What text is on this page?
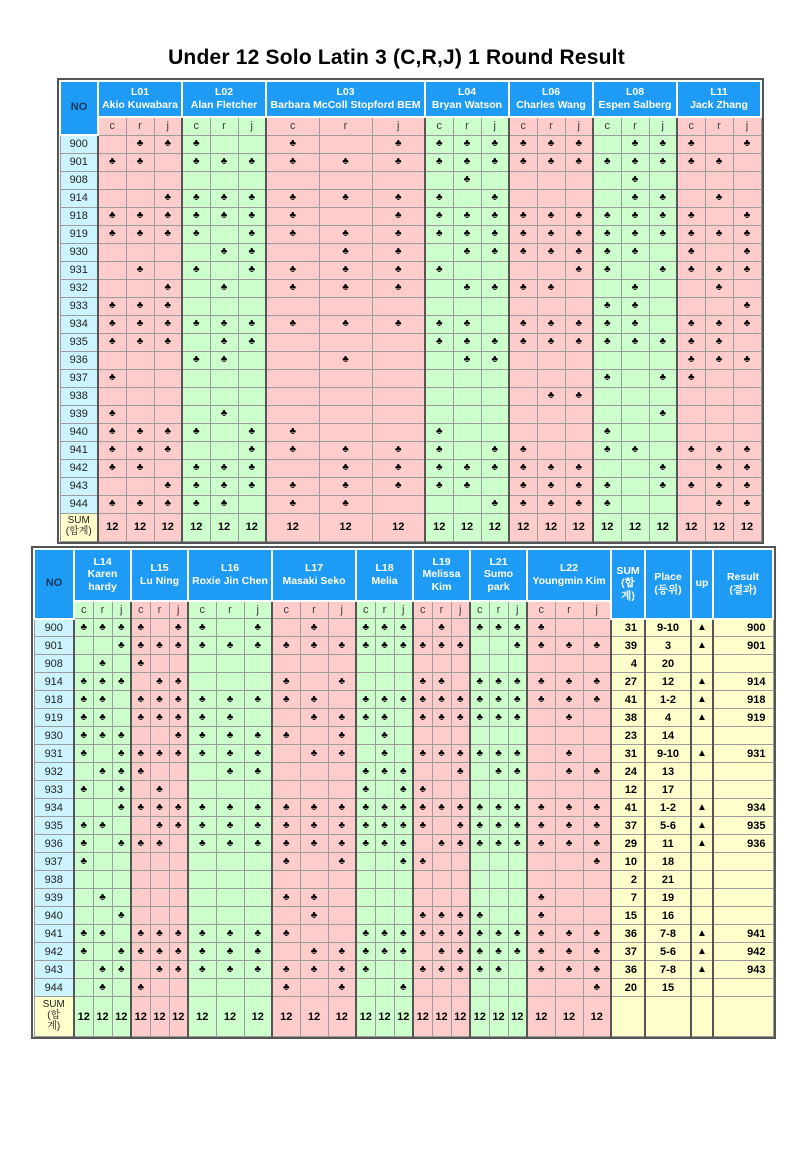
Under 12 Solo Latin 3 (C,R,J) 1 Round Result
NO	
L01
Akio Kuwabara

L02
Alan Fletcher

L03
Barbara McColl Stopford BEM

L04
Bryan Watson

L06
Charles Wang

L08
Espen Salberg

L11
Jack Zhang

	c	r	j	c	r	j	c	r	j	c	r	j	c	r	j	c	r	j	c	r	j
900		♣	♣	♣			♣		♣	♣	♣	♣	♣	♣	♣		♣	♣	♣		♣
901	♣	♣		♣	♣	♣	♣	♣	♣	♣	♣	♣	♣	♣	♣	♣	♣	♣	♣	♣	
908											♣						♣				
914			♣	♣	♣	♣	♣	♣	♣	♣		♣					♣	♣		♣	
918	♣	♣	♣	♣	♣	♣	♣		♣	♣	♣	♣	♣	♣	♣	♣	♣	♣	♣		♣
919	♣	♣	♣	♣		♣	♣	♣	♣	♣	♣	♣	♣	♣	♣	♣	♣	♣	♣	♣	♣
930					♣	♣		♣	♣		♣	♣	♣	♣	♣	♣	♣		♣		♣
931		♣		♣		♣	♣	♣	♣	♣					♣	♣		♣	♣	♣	♣
932			♣		♣		♣	♣	♣		♣	♣	♣	♣			♣			♣	
933	♣	♣	♣													♣	♣				♣
934	♣	♣	♣	♣	♣	♣	♣	♣	♣	♣	♣		♣	♣	♣	♣	♣		♣	♣	♣
935	♣	♣	♣		♣	♣				♣	♣	♣	♣	♣	♣	♣	♣	♣	♣	♣	
936				♣	♣			♣			♣	♣							♣	♣	♣
937	♣															♣		♣	♣		
938														♣	♣						
939	♣				♣													♣			
940	♣	♣	♣	♣		♣	♣			♣						♣					
941	♣	♣	♣			♣	♣	♣	♣	♣		♣	♣			♣	♣		♣	♣	♣
942	♣	♣		♣	♣	♣		♣	♣	♣	♣	♣	♣	♣	♣			♣		♣	♣
943			♣	♣	♣	♣	♣	♣	♣	♣	♣		♣	♣	♣	♣		♣	♣	♣	♣
944	♣	♣	♣	♣	♣		♣	♣				♣	♣	♣	♣	♣				♣	♣

SUM
(합계)	12	12	12	12	12	12	12	12	12	12	12	12	12	12	12	12	12	12	12	12	12
NO	
L14
Karen hardy

L15
Lu Ning

L16
Roxie Jin Chen

L17
Masaki Seko

L18
Melia

L19
Melissa Kim

L21
Sumo park

L22
Youngmin Kim

SUM
(합
계)

Place
(등위)

up

Result
(결과)

	c	r	j	c	r	j	c	r	j	c	r	j	c	r	j	c	r	j	c	r	j	c	r	j				
900	♣	♣	♣	♣		♣	♣		♣		♣		♣	♣	♣		♣		♣	♣	♣	♣			31	9-10	▲	900
901			♣	♣	♣	♣	♣	♣	♣	♣	♣	♣	♣	♣	♣	♣	♣	♣			♣	♣	♣	♣	39	3	▲	901
908		♣		♣																					4	20		
914	♣	♣	♣		♣	♣				♣		♣				♣	♣		♣	♣	♣	♣	♣	♣	27	12	▲	914
918	♣	♣		♣	♣	♣	♣	♣	♣	♣	♣		♣	♣	♣	♣	♣	♣	♣	♣	♣	♣	♣	♣	41	1-2	▲	918
919	♣	♣		♣	♣	♣	♣	♣			♣	♣	♣	♣		♣	♣	♣	♣	♣	♣		♣		38	4	▲	919
930	♣	♣	♣			♣	♣	♣	♣	♣		♣		♣											23	14		
931	♣		♣	♣	♣	♣	♣	♣	♣		♣	♣		♣		♣	♣	♣	♣	♣	♣		♣		31	9-10	▲	931
932		♣	♣	♣				♣	♣				♣	♣	♣			♣		♣	♣		♣	♣	24	13		
933	♣		♣		♣								♣		♣	♣									12	17		
934			♣	♣	♣	♣	♣	♣	♣	♣	♣	♣	♣	♣	♣	♣	♣	♣	♣	♣	♣	♣	♣	♣	41	1-2	▲	934
935	♣	♣			♣	♣	♣	♣	♣	♣	♣	♣	♣	♣	♣	♣		♣	♣	♣	♣	♣	♣	♣	37	5-6	▲	935
936	♣		♣	♣	♣		♣	♣	♣	♣	♣	♣	♣	♣	♣		♣	♣	♣	♣	♣	♣	♣	♣	29	11	▲	936
937	♣									♣		♣			♣	♣								♣	10	18		
938																									2	21		
939		♣								♣	♣											♣			7	19		
940			♣								♣					♣	♣	♣	♣			♣			15	16		
941	♣	♣		♣	♣	♣	♣	♣	♣	♣			♣	♣	♣	♣	♣	♣	♣	♣	♣	♣	♣	♣	36	7-8	▲	941
942	♣		♣	♣	♣	♣	♣	♣	♣		♣	♣	♣	♣	♣		♣	♣	♣	♣	♣	♣	♣	♣	37	5-6	▲	942
943		♣	♣		♣	♣	♣	♣	♣	♣	♣	♣	♣			♣	♣	♣	♣	♣		♣	♣	♣	36	7-8	▲	943
944		♣		♣						♣		♣			♣									♣	20	15		

SUM
(합
계)	12	12	12	12	12	12	12	12	12	12	12	12	12	12	12	12	12	12	12	12	12	12	12	12				
